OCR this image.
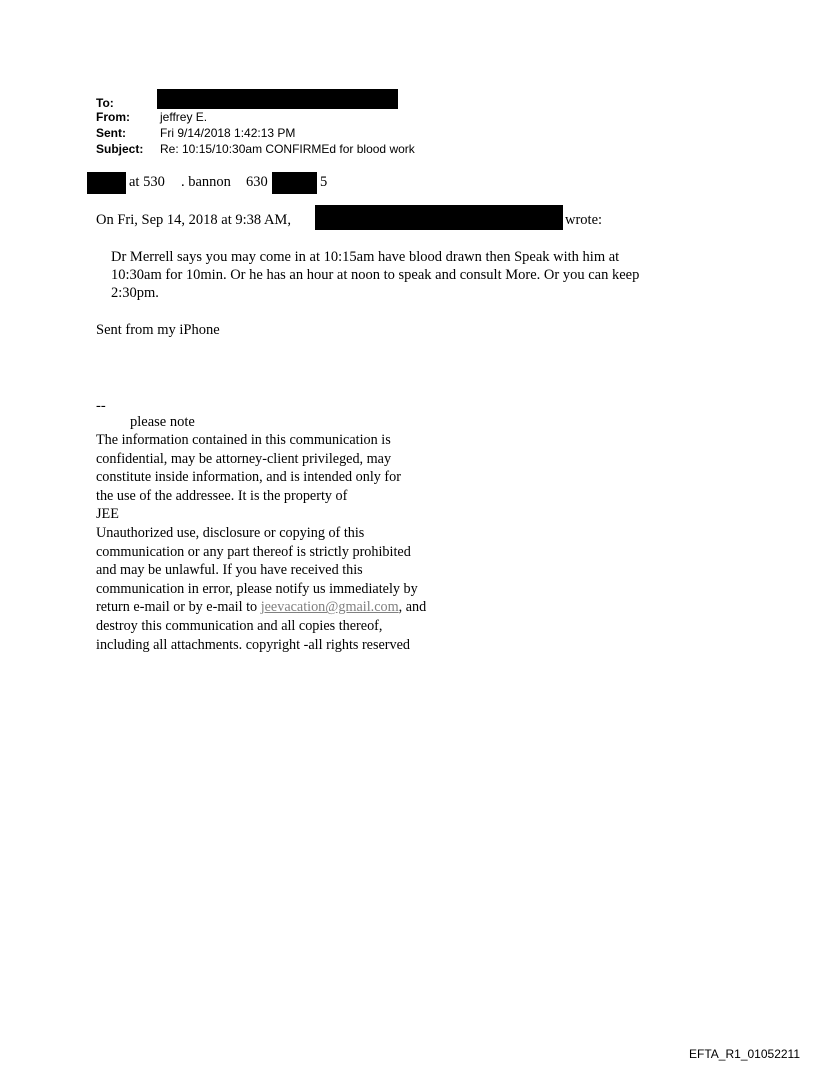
To:
From:	jeffrey E.
Sent:	Fri 9/14/2018 1:42:13 PM
Subject: Re: 10:15/10:30am CONFIRMEd for blood work
at 530 . bannon 630	5
On Fri, Sep 14, 2018 at 9:38 AM,	wrote:
Dr Merrell says you may come in at 10:15am have blood drawn then Speak with him at
10:30am for 10min. Or he has an hour at noon to speak and consult More. Or you can keep
2:30pm.
Sent from my iPhone
--
please note
The information contained in this communication is
confidential, may be attorney-client privileged, may
constitute inside information, and is intended only for
the use of the addressee. It is the property of
JEE
Unauthorized use, disclosure or copying of this
communication or any part thereof is strictly prohibited
and may be unlawful. If you have received this
communication in error, please notify us immediately by
return e-mail or by e-mail to jeevacation@gmail.com, and
destroy this communication and all copies thereof,
including all attachments. copyright -all rights reserved
EFTA_R1_01052211
